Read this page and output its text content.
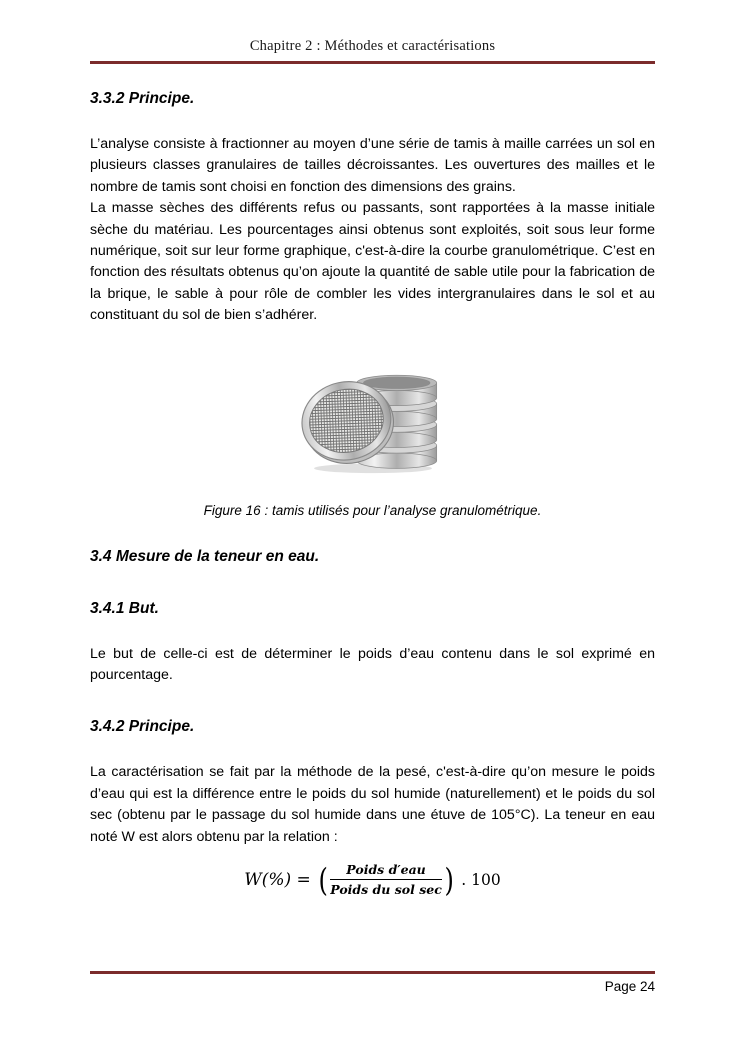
Chapitre 2 : Méthodes et caractérisations
3.3.2 Principe.

L’analyse consiste à fractionner au moyen d’une série de tamis à maille carrées un sol en plusieurs classes granulaires de tailles décroissantes. Les ouvertures des mailles et le nombre de tamis sont choisi en fonction des dimensions des grains.

La masse sèches des différents refus ou passants, sont rapportées à la masse initiale sèche du matériau. Les pourcentages ainsi obtenus sont exploités, soit sous leur forme numérique, soit sur leur forme graphique, c'est-à-dire la courbe granulométrique. C’est en fonction des résultats obtenus qu’on ajoute la quantité de sable utile pour la fabrication de la brique, le sable à pour rôle de combler les vides intergranulaires dans le sol et au constituant du sol de bien s’adhérer.

Figure 16 : tamis utilisés pour l’analyse granulométrique.
3.4 Mesure de la teneur en eau.
3.4.1 But.

Le but de celle-ci est de déterminer le poids d’eau contenu dans le sol exprimé en pourcentage.

3.4.2 Principe.

La caractérisation se fait par la méthode de la pesé, c'est-à-dire qu’on mesure le poids d’eau qui est la différence entre le poids du sol humide (naturellement) et le poids du sol sec (obtenu par le passage du sol humide dans une étuve de 105°C). La teneur en eau noté W est alors obtenu par la relation :

W(%) = ( $\frac{\text{Poids d′eau}}{\text{Poids du sol sec}}$ ) . 100
Page 24
